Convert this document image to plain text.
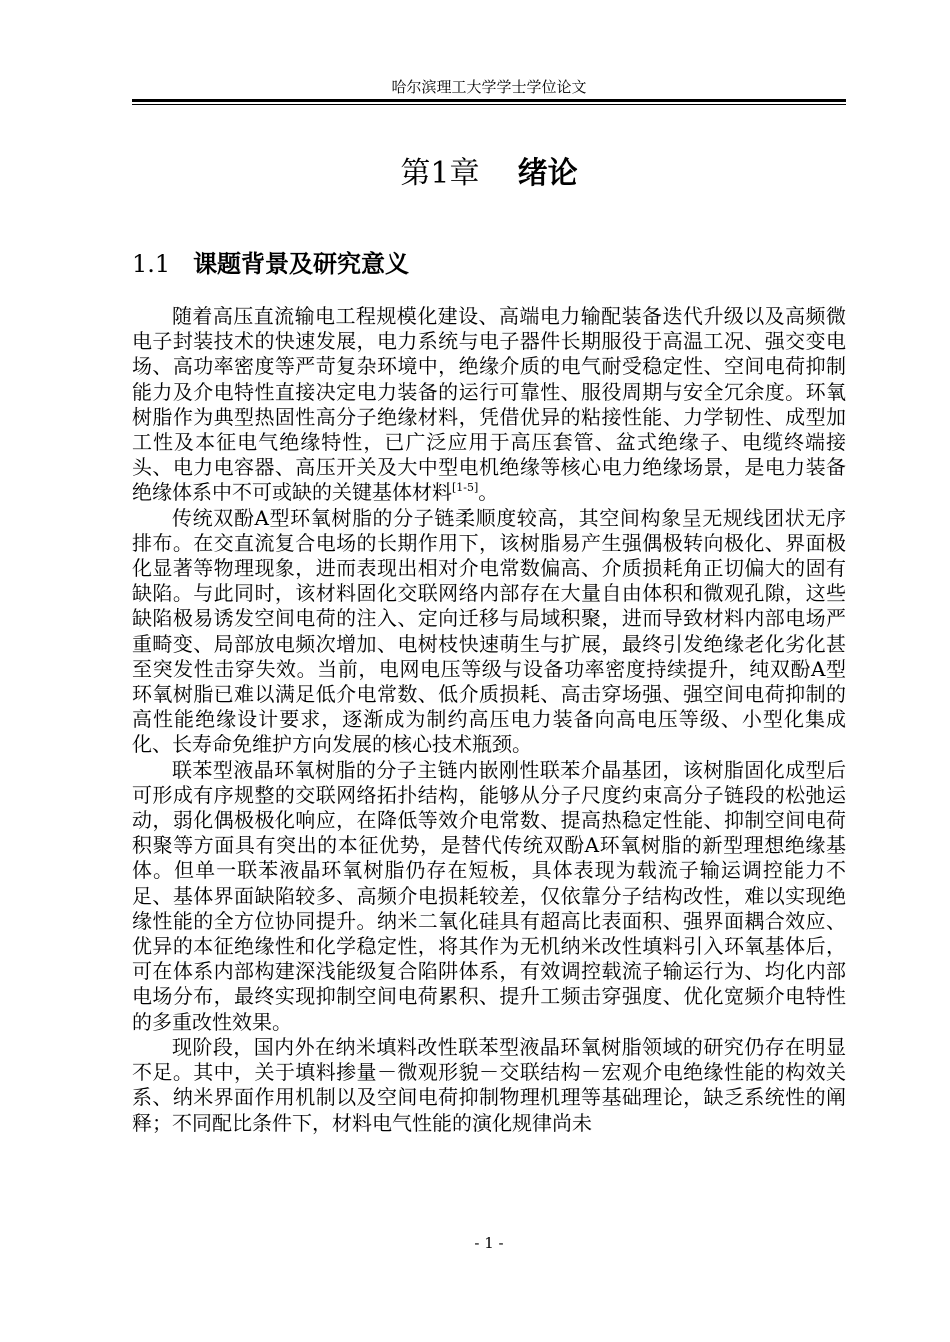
哈尔滨理工大学学士学位论文
第1章 绪论
1.1 课题背景及研究意义

随着高压直流输电工程规模化建设、高端电力输配装备迭代升级以及高频微电子封装技术的快速发展，电力系统与电子器件长期服役于高温工况、强交变电场、高功率密度等严苛复杂环境中，绝缘介质的电气耐受稳定性、空间电荷抑制能力及介电特性直接决定电力装备的运行可靠性、服役周期与安全冗余度。环氧树脂作为典型热固性高分子绝缘材料，凭借优异的粘接性能、力学韧性、成型加工性及本征电气绝缘特性，已广泛应用于高压套管、盆式绝缘子、电缆终端接头、电力电容器、高压开关及大中型电机绝缘等核心电力绝缘场景，是电力装备绝缘体系中不可或缺的关键基体材料[1-5]。

传统双酚A型环氧树脂的分子链柔顺度较高，其空间构象呈无规线团状无序排布。在交直流复合电场的长期作用下，该树脂易产生强偶极转向极化、界面极化显著等物理现象，进而表现出相对介电常数偏高、介质损耗角正切偏大的固有缺陷。与此同时，该材料固化交联网络内部存在大量自由体积和微观孔隙，这些缺陷极易诱发空间电荷的注入、定向迁移与局域积聚，进而导致材料内部电场严重畸变、局部放电频次增加、电树枝快速萌生与扩展，最终引发绝缘老化劣化甚至突发性击穿失效。当前，电网电压等级与设备功率密度持续提升，纯双酚A型环氧树脂已难以满足低介电常数、低介质损耗、高击穿场强、强空间电荷抑制的高性能绝缘设计要求，逐渐成为制约高压电力装备向高电压等级、小型化集成化、长寿命免维护方向发展的核心技术瓶颈。

联苯型液晶环氧树脂的分子主链内嵌刚性联苯介晶基团，该树脂固化成型后可形成有序规整的交联网络拓扑结构，能够从分子尺度约束高分子链段的松弛运动，弱化偶极极化响应，在降低等效介电常数、提高热稳定性能、抑制空间电荷积聚等方面具有突出的本征优势，是替代传统双酚A环氧树脂的新型理想绝缘基体。但单一联苯液晶环氧树脂仍存在短板，具体表现为载流子输运调控能力不足、基体界面缺陷较多、高频介电损耗较差，仅依靠分子结构改性，难以实现绝缘性能的全方位协同提升。纳米二氧化硅具有超高比表面积、强界面耦合效应、优异的本征绝缘性和化学稳定性，将其作为无机纳米改性填料引入环氧基体后，可在体系内部构建深浅能级复合陷阱体系，有效调控载流子输运行为、均化内部电场分布，最终实现抑制空间电荷累积、提升工频击穿强度、优化宽频介电特性的多重改性效果。

现阶段，国内外在纳米填料改性联苯型液晶环氧树脂领域的研究仍存在明显不足。其中，关于填料掺量－微观形貌－交联结构－宏观介电绝缘性能的构效关系、纳米界面作用机制以及空间电荷抑制物理机理等基础理论，缺乏系统性的阐释；不同配比条件下，材料电气性能的演化规律尚未

- 1 -
